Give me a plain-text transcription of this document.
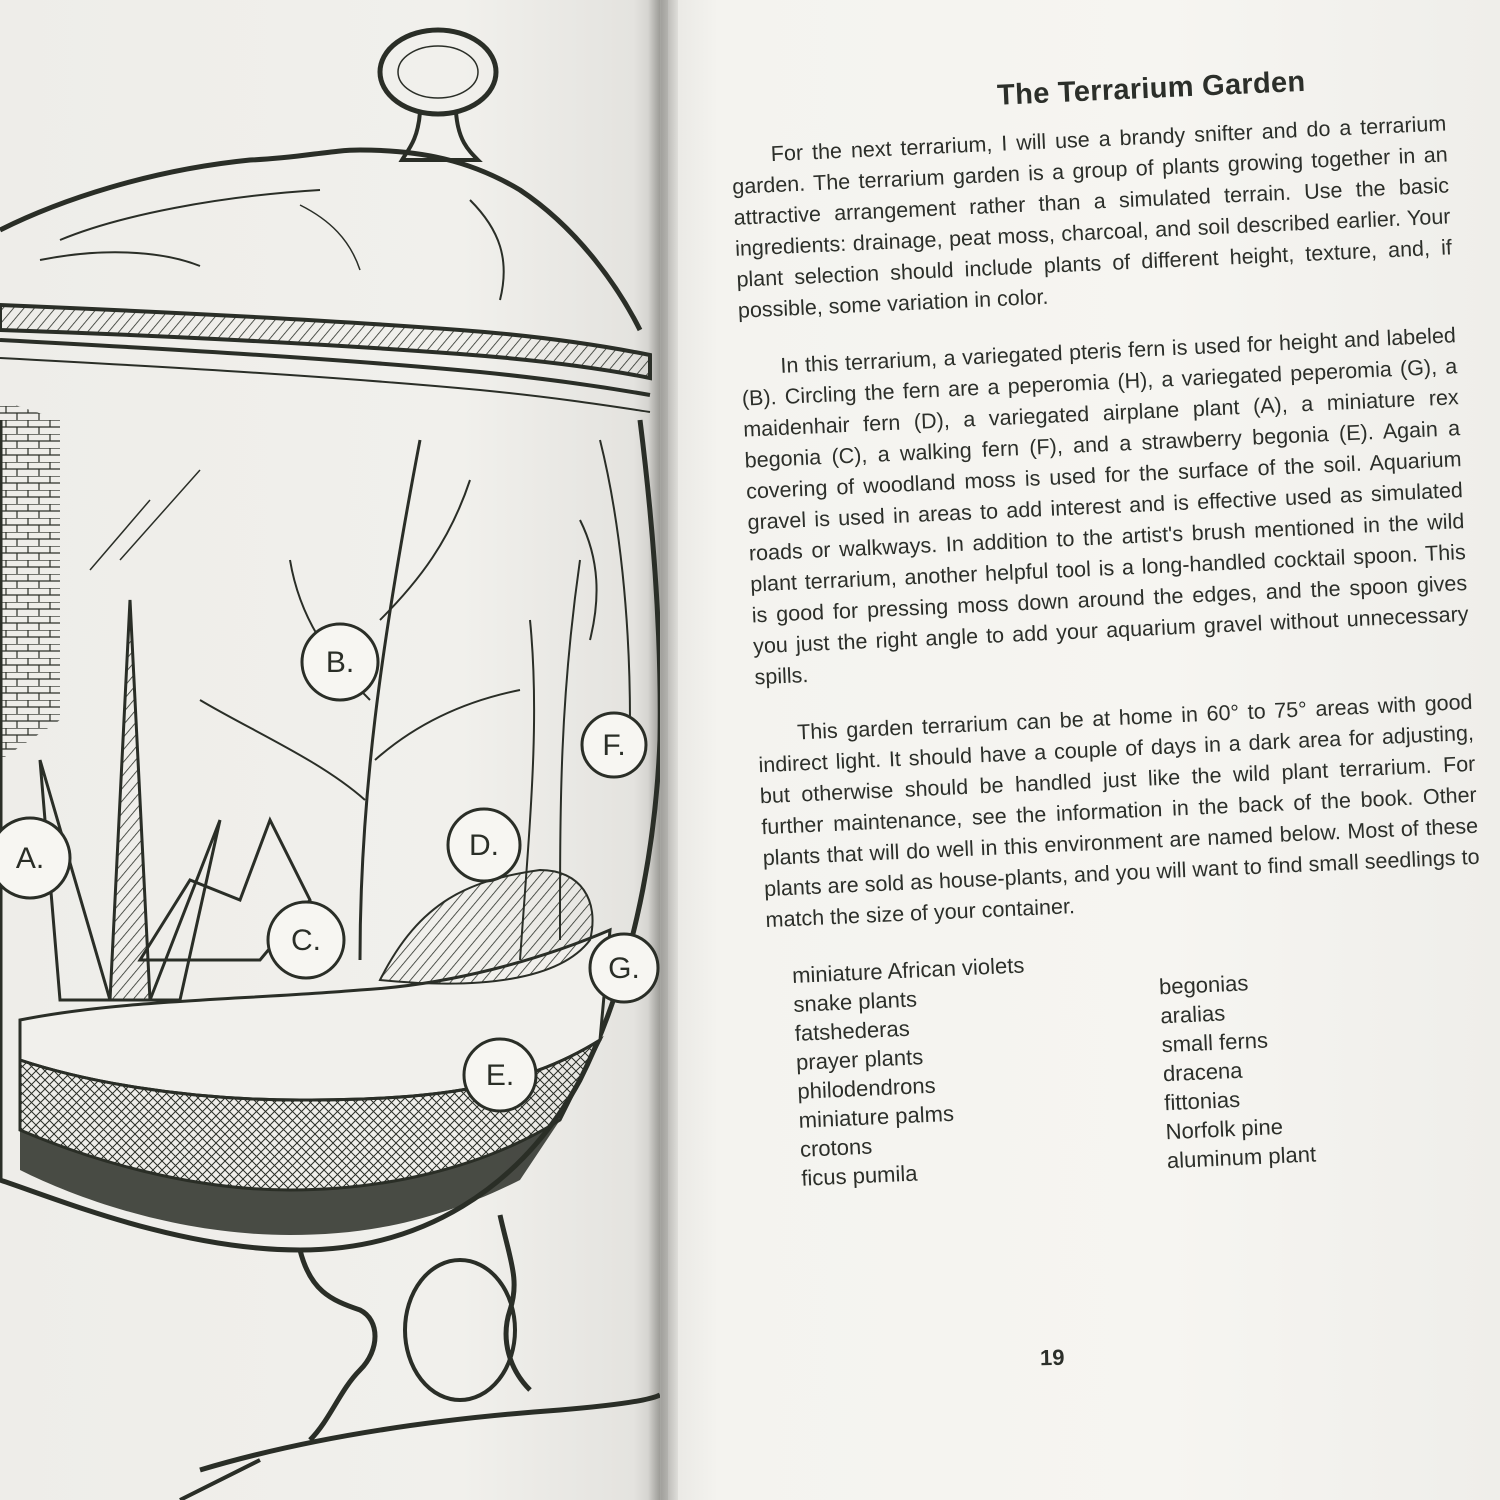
A.
B.
C.
D.
E.
F.
G.
The Terrarium Garden

For the next terrarium, I will use a brandy snifter and do a terrarium garden. The terrarium garden is a group of plants growing together in an attractive arrangement rather than a simulated terrain. Use the basic ingredients: drainage, peat moss, charcoal, and soil described earlier. Your plant selection should include plants of different height, texture, and, if possible, some variation in color.

In this terrarium, a variegated pteris fern is used for height and labeled (B). Circling the fern are a peperomia (H), a variegated peperomia (G), a maidenhair fern (D), a variegated airplane plant (A), a miniature rex begonia (C), a walking fern (F), and a strawberry begonia (E). Again a covering of woodland moss is used for the surface of the soil. Aquarium gravel is used in areas to add interest and is effective used as simulated roads or walkways. In addition to the artist's brush mentioned in the wild plant terrarium, another helpful tool is a long-handled cocktail spoon. This is good for pressing moss down around the edges, and the spoon gives you just the right angle to add your aquarium gravel without unnecessary spills.

This garden terrarium can be at home in 60° to 75° areas with good indirect light. It should have a couple of days in a dark area for adjusting, but otherwise should be handled just like the wild plant terrarium. For further maintenance, see the information in the back of the book. Other plants that will do well in this environment are named below. Most of these plants are sold as house-plants, and you will want to find small seedlings to match the size of your container.

miniature African violets
snake plants
fatshederas
prayer plants
philodendrons
miniature palms
crotons
ficus pumila
begonias
aralias
small ferns
dracena
fittonias
Norfolk pine
aluminum plant
19
